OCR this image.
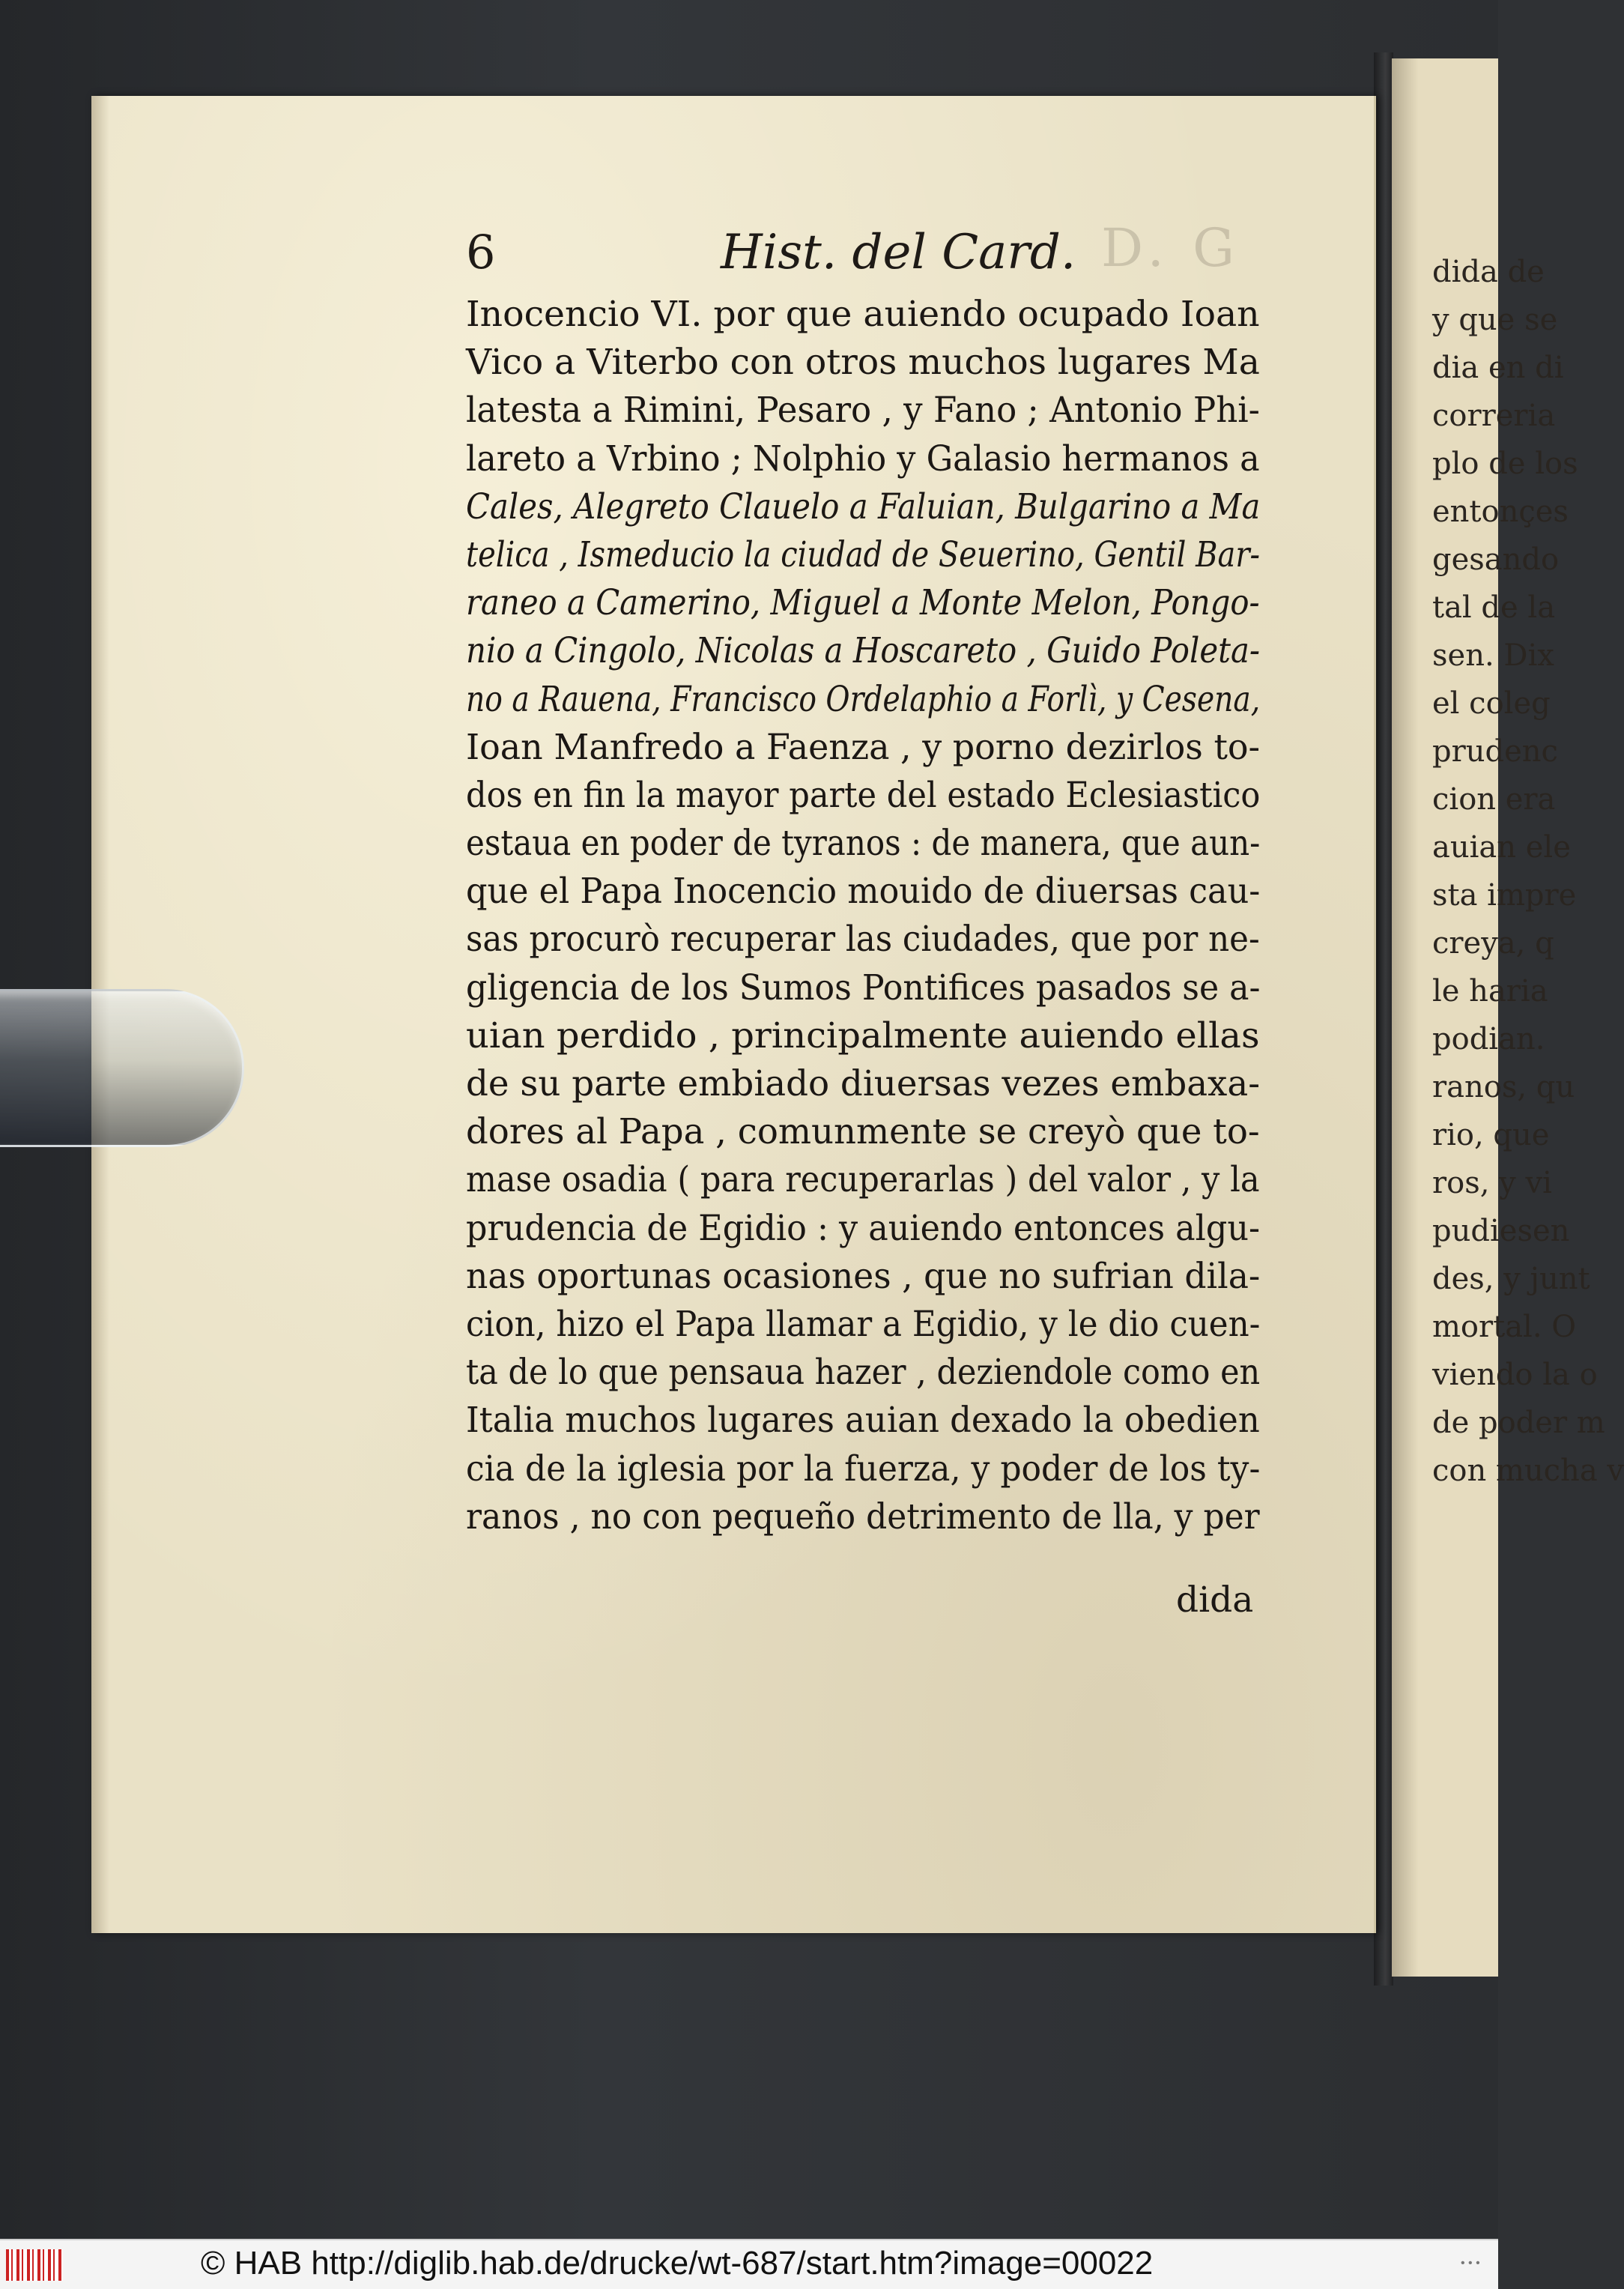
dida de
y que se
dia en di
correria
plo de los
entonçes
gesando
tal de la
sen. Dix
el coleg
prudenc
cion era
auian ele
sta impre
creya, q
le haria
podian.
ranos, qu
rio, que
ros, y vi
pudiesen
des, y junt
mortal. O
viendo la o
de poder m
con mucha v
D. G
6	Hist. del Card.
Inocencio VI. por que auiendo ocupado Ioan
Vico a Viterbo con otros muchos lugares Ma
latesta a Rimini, Pesaro , y Fano ; Antonio Phi-
lareto a Vrbino ; Nolphio y Galasio hermanos a
Cales, Alegreto Clauelo a Faluian, Bulgarino a Ma
telica , Ismeducio la ciudad de Seuerino, Gentil Bar-
raneo a Camerino, Miguel a Monte Melon, Pongo-
nio a Cingolo, Nicolas a Hoscareto , Guido Poleta-
no a Rauena, Francisco Ordelaphio a Forlì, y Cesena,
Ioan Manfredo a Faenza , y porno dezirlos to-
dos en fin la mayor parte del estado Eclesiastico
estaua en poder de tyranos : de manera, que aun-
que el Papa Inocencio mouido de diuersas cau-
sas procurò recuperar las ciudades, que por ne-
gligencia de los Sumos Pontifices pasados se a-
uian perdido , principalmente auiendo ellas
de su parte embiado diuersas vezes embaxa-
dores al Papa , comunmente se creyò que to-
mase osadia ( para recuperarlas ) del valor , y la
prudencia de Egidio : y auiendo entonces algu-
nas oportunas ocasiones , que no sufrian dila-
cion, hizo el Papa llamar a Egidio, y le dio cuen-
ta de lo que pensaua hazer , deziendole como en
Italia muchos lugares auian dexado la obedien
cia de la iglesia por la fuerza, y poder de los ty-
ranos , no con pequeño detrimento de lla, y per
dida
© HAB http://diglib.hab.de/drucke/wt-687/start.htm?image=00022	• • •
